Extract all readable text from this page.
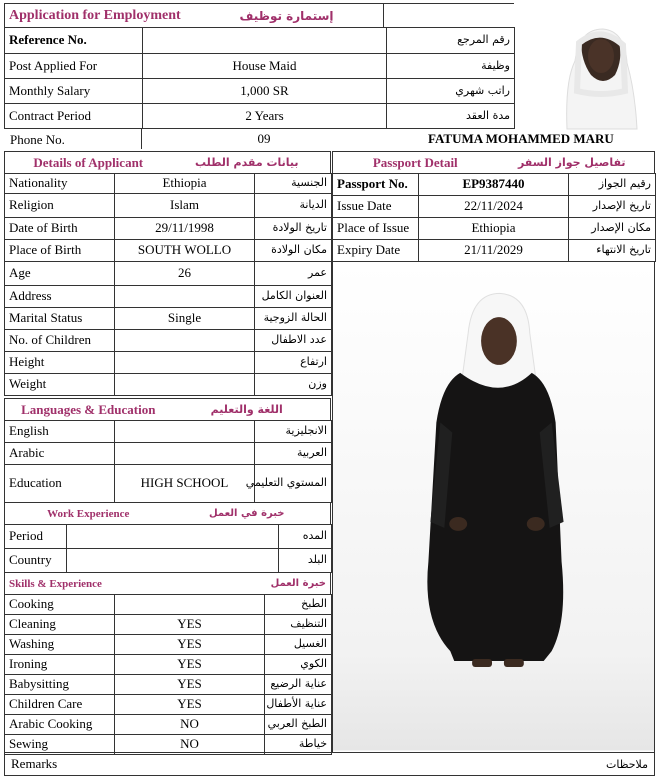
Application for Employment	إستمارة توظيف
Reference No.		رقم المرجع
Post Applied For	House Maid	وظيفة
Monthly Salary	1,000 SR	راتب شهري
Contract Period	2 Years	مدة العقد
Phone No.	09	FATUMA MOHAMMED MARU
Details of Applicant	بيانات مقدم الطلب
Nationality	Ethiopia	الجنسية
Religion	Islam	الديانة
Date of Birth	29/11/1998	تاريخ الولادة
Place of Birth	SOUTH WOLLO	مكان الولادة
Age	26	عمر
Address		العنوان الكامل
Marital Status	Single	الحالة الزوجية
No. of Children		عدد الاطفال
Height		ارتفاع
Weight		وزن
Languages & Education	اللغة والتعليم
English		الانجليزية
Arabic		العربية
Education	HIGH SCHOOL	المستوي التعليمي
Work Experience	خبرة في العمل
Period		المده
Country		البلد
Skills & Experience	خبرة العمل
Cooking		الطبخ
Cleaning	YES	التنظيف
Washing	YES	الغسيل
Ironing	YES	الكوي
Babysitting	YES	عناية الرضيع
Children Care	YES	عناية الأطفال
Arabic Cooking	NO	الطبخ العربي
Sewing	NO	خياطة
Passport Detail	تفاصيل جواز السفر
Passport No.	EP9387440	رقيم الجواز
Issue Date	22/11/2024	تاريخ الإصدار
Place of Issue	Ethiopia	مكان الإصدار
Expiry Date	21/11/2029	تاريخ الانتهاء
Remarks	ملاحظات
